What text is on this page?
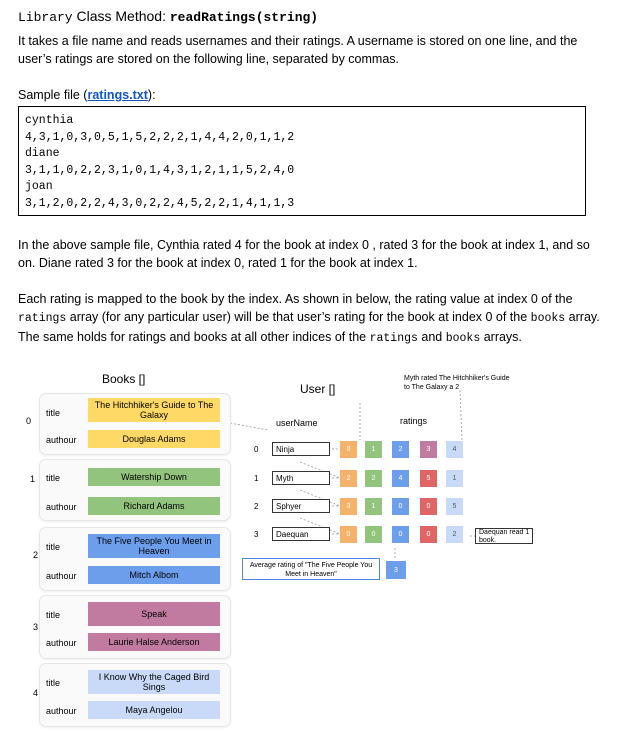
Library Class Method: readRatings(string)
It takes a file name and reads usernames and their ratings. A username is stored on one line, and the user’s ratings are stored on the following line, separated by commas.
Sample file (ratings.txt):
cynthia
4,3,1,0,3,0,5,1,5,2,2,2,1,4,4,2,0,1,1,2
diane
3,1,1,0,2,2,3,1,0,1,4,3,1,2,1,1,5,2,4,0
joan
3,1,2,0,2,2,4,3,0,2,2,4,5,2,2,1,4,1,1,3
In the above sample file, Cynthia rated 4 for the book at index 0 , rated 3 for the book at index 1, and so on. Diane rated 3 for the book at index 0, rated 1 for the book at index 1.
Each rating is mapped to the book by the index. As shown in below, the rating value at index 0 of the ratings array (for any particular user) will be that user’s rating for the book at index 0 of the books array. The same holds for ratings and books at all other indices of the ratings and books arrays.
Books []
title
The Hitchhiker's Guide to The Galaxy
authour	Douglas Adams
0
title	Watership Down
authour	Richard Adams
1
title
The Five People You Meet in Heaven
authour	Mitch Albom
2
title	Speak
authour	Laurie Halse Anderson
3
title
I Know Why the Caged Bird Sings
authour	Maya Angelou
4
User []
userName	ratings
Myth rated The Hitchhiker's Guide to The Galaxy a 2
0	Ninja	0	1	2	3	4
1	Myth	2	2	4	5	1
2	Sphyer	3	1	0	0	5
3	Daequan	0	0	0	0	2	Daequan read 1 book.
Average rating of "The Five People You Meet in Heaven"
3
